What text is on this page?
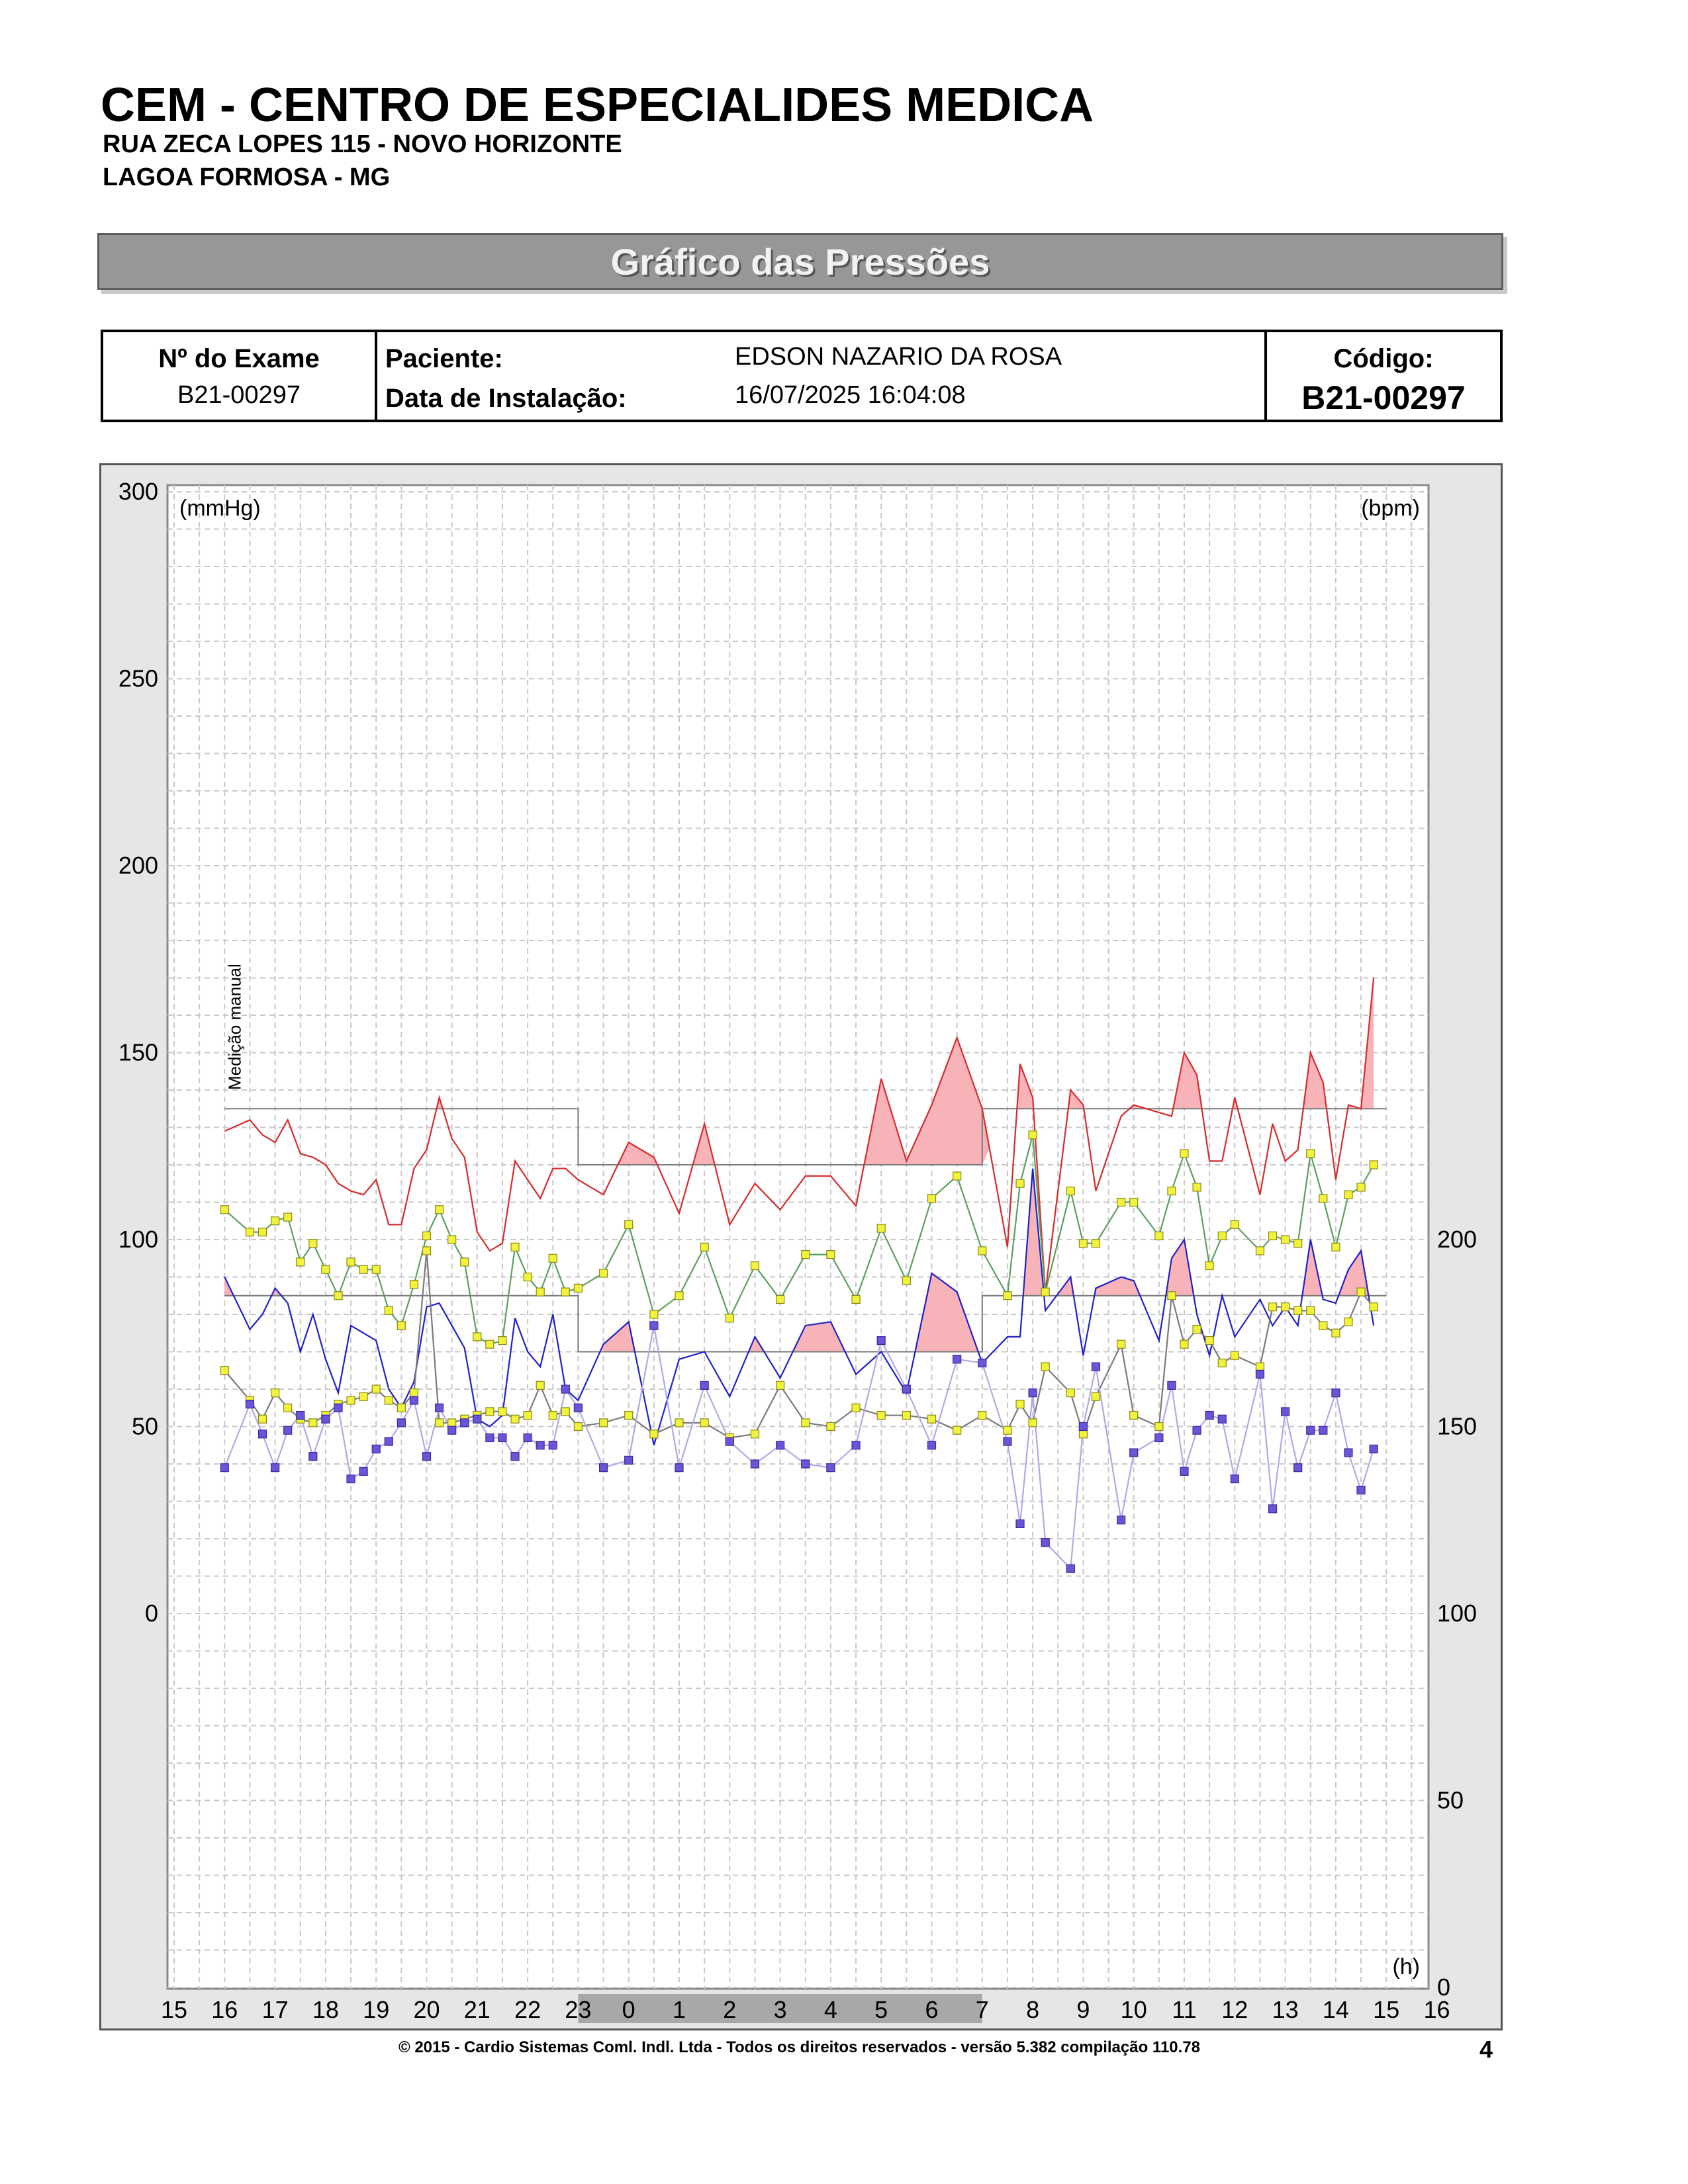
CEM - CENTRO DE ESPECIALIDES MEDICA
RUA ZECA LOPES 115 - NOVO HORIZONTE
LAGOA FORMOSA - MG
Gráfico das Pressões
Nº do Exame
B21-00297
Paciente:	EDSON NAZARIO DA ROSA
Data de Instalação:	16/07/2025 16:04:08
Código:
B21-00297
(mmHg)	(bpm)
(h)
Medição manual
300
250
200
150
100
50
0
200
150
100
50
0
15 16 17 18 19 20 21 22 23 0 1 2 3 4 5 6 7 8 9 10 11 12 13 14 15 16
© 2015 - Cardio Sistemas Coml. Indl. Ltda - Todos os direitos reservados - versão 5.382 compilação 110.78	4
